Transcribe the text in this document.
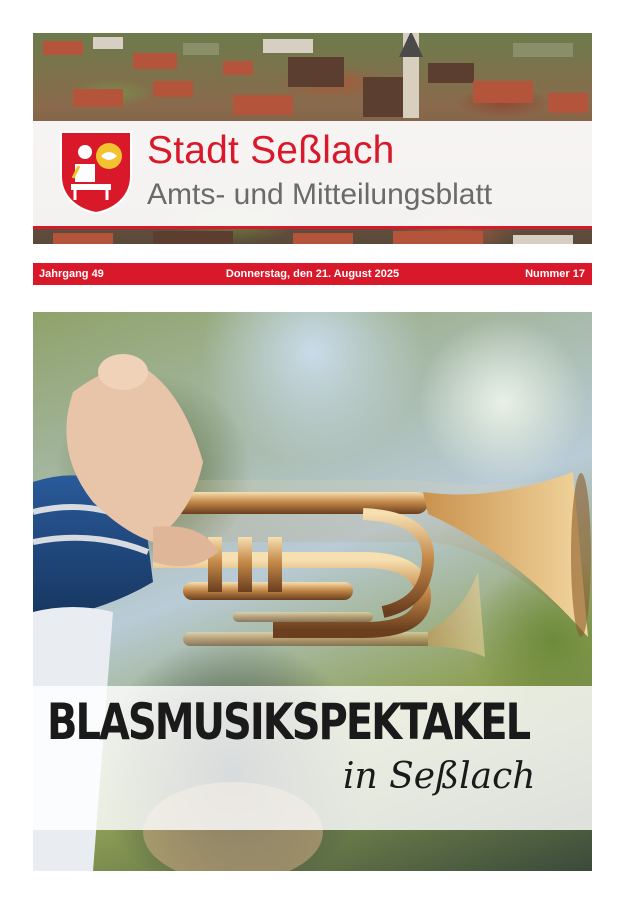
Stadt Seßlach
Amts- und Mitteilungsblatt
Jahrgang 49	Donnerstag, den 21. August 2025	Nummer 17
BLASMUSIKSPEKTAKEL
in Seßlach
